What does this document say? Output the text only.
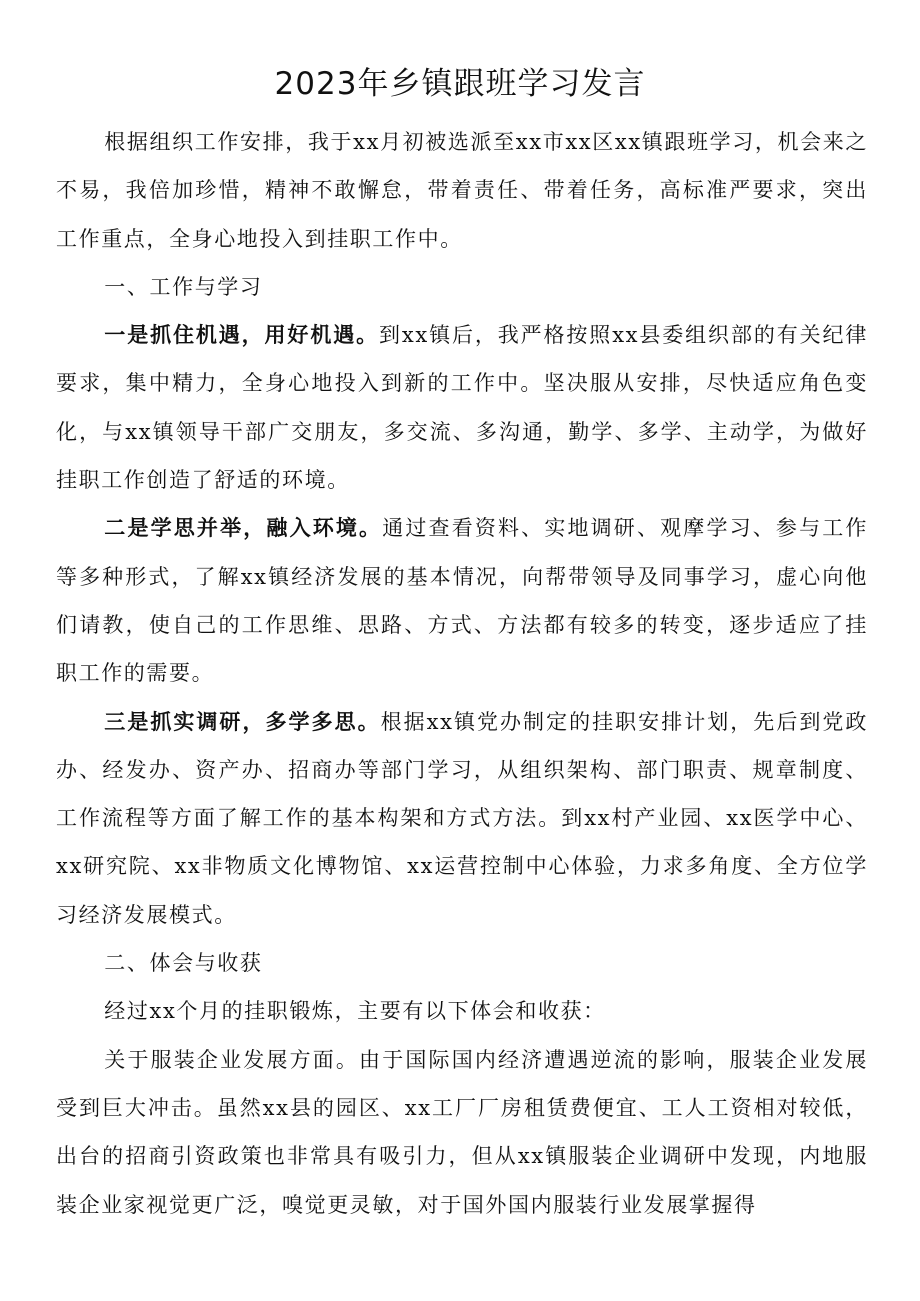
2023年乡镇跟班学习发言

根据组织工作安排，我于xx月初被选派至xx市xx区xx镇跟班学习，机会来之不易，我倍加珍惜，精神不敢懈怠，带着责任、带着任务，高标准严要求，突出工作重点，全身心地投入到挂职工作中。

一、工作与学习

一是抓住机遇，用好机遇。到xx镇后，我严格按照xx县委组织部的有关纪律要求，集中精力，全身心地投入到新的工作中。坚决服从安排，尽快适应角色变化，与xx镇领导干部广交朋友，多交流、多沟通，勤学、多学、主动学，为做好挂职工作创造了舒适的环境。

二是学思并举，融入环境。通过查看资料、实地调研、观摩学习、参与工作等多种形式，了解xx镇经济发展的基本情况，向帮带领导及同事学习，虚心向他们请教，使自己的工作思维、思路、方式、方法都有较多的转变，逐步适应了挂职工作的需要。

三是抓实调研，多学多思。根据xx镇党办制定的挂职安排计划，先后到党政办、经发办、资产办、招商办等部门学习，从组织架构、部门职责、规章制度、工作流程等方面了解工作的基本构架和方式方法。到xx村产业园、xx医学中心、xx研究院、xx非物质文化博物馆、xx运营控制中心体验，力求多角度、全方位学习经济发展模式。

二、体会与收获

经过xx个月的挂职锻炼，主要有以下体会和收获：

关于服装企业发展方面。由于国际国内经济遭遇逆流的影响，服装企业发展受到巨大冲击。虽然xx县的园区、xx工厂厂房租赁费便宜、工人工资相对较低，出台的招商引资政策也非常具有吸引力，但从xx镇服装企业调研中发现，内地服装企业家视觉更广泛，嗅觉更灵敏，对于国外国内服装行业发展掌握得
